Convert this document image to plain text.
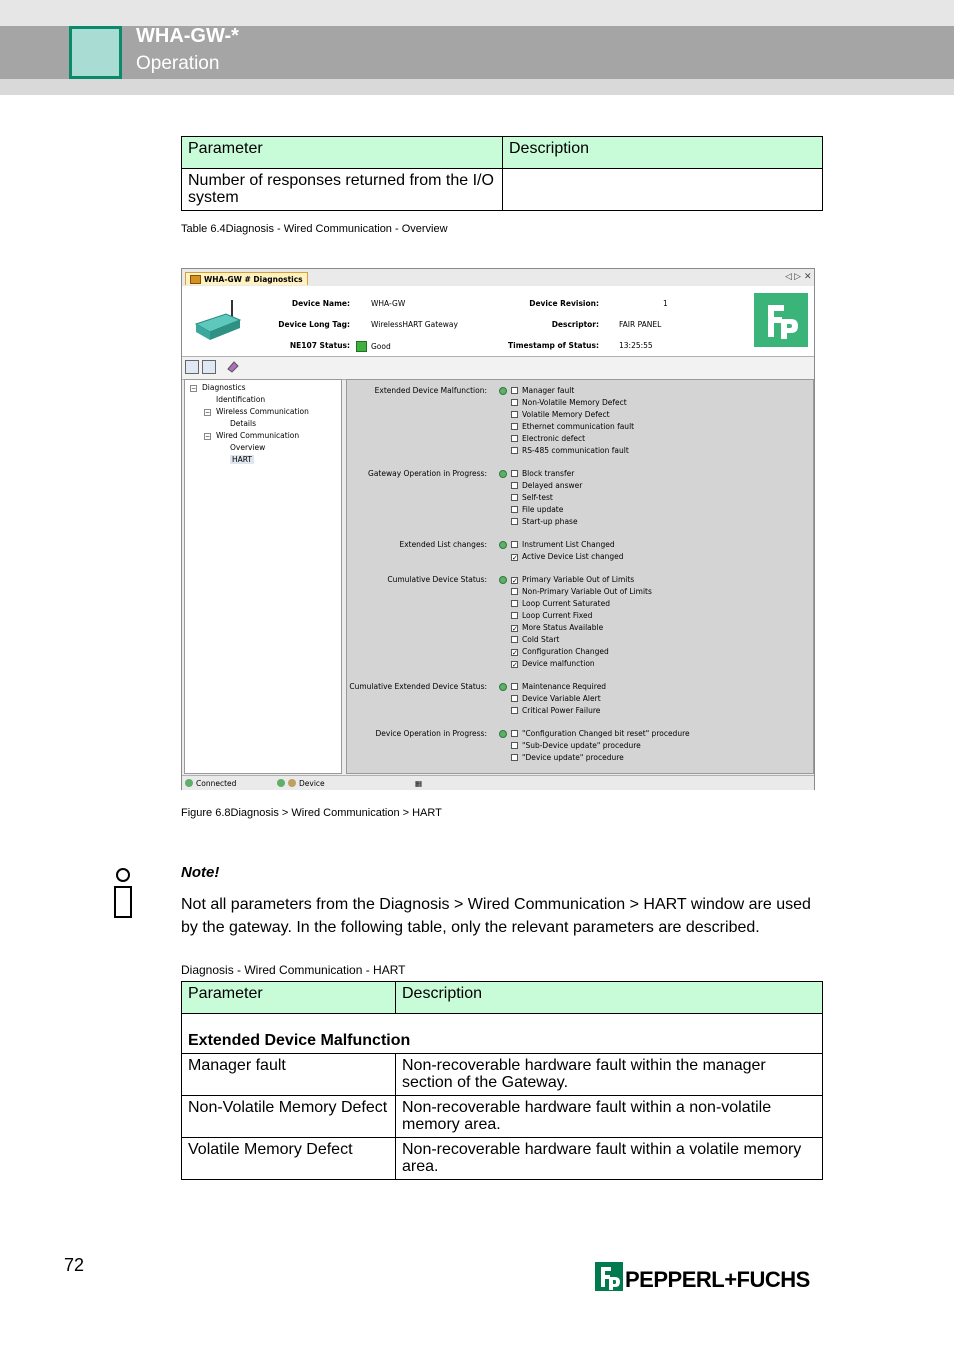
WHA-GW-*
Operation
Parameter	Description
Number of responses returned from the I/O system	
Table 6.4Diagnosis - Wired Communication - Overview
WHA-GW # Diagnostics	◁ ▷ ✕
Device Name:	WHA-GW
Device Long Tag:	WirelessHART Gateway
NE107 Status:	Good
Device Revision:	1
Descriptor:	FAIR PANEL
Timestamp of Status:	13:25:55
− Diagnostics
Identification
− Wireless Communication
Details
− Wired Communication
Overview
HART
Extended Device Malfunction:	Manager fault
Non-Volatile Memory Defect
Volatile Memory Defect
Ethernet communication fault
Electronic defect
RS-485 communication fault
Gateway Operation in Progress:	Block transfer
Delayed answer
Self-test
File update
Start-up phase
Extended List changes:	Instrument List Changed
✓ Active Device List changed
Cumulative Device Status:	✓ Primary Variable Out of Limits
Non-Primary Variable Out of Limits
Loop Current Saturated
Loop Current Fixed
✓ More Status Available
Cold Start
✓ Configuration Changed
✓ Device malfunction
Cumulative Extended Device Status:	Maintenance Required
Device Variable Alert
Critical Power Failure
Device Operation in Progress:	"Configuration Changed bit reset" procedure
"Sub-Device update" procedure
"Device update" procedure
Connected	Device	▦
Figure 6.8Diagnosis > Wired Communication > HART
Note!
Not all parameters from the Diagnosis > Wired Communication > HART window are used by the gateway. In the following table, only the relevant parameters are described.
Diagnosis - Wired Communication - HART
Parameter	Description
Extended Device Malfunction	
Manager fault	Non-recoverable hardware fault within the manager section of the Gateway.
Non-Volatile Memory Defect	Non-recoverable hardware fault within a non-volatile memory area.
Volatile Memory Defect	Non-recoverable hardware fault within a volatile memory area.
72
PEPPERL+FUCHS
